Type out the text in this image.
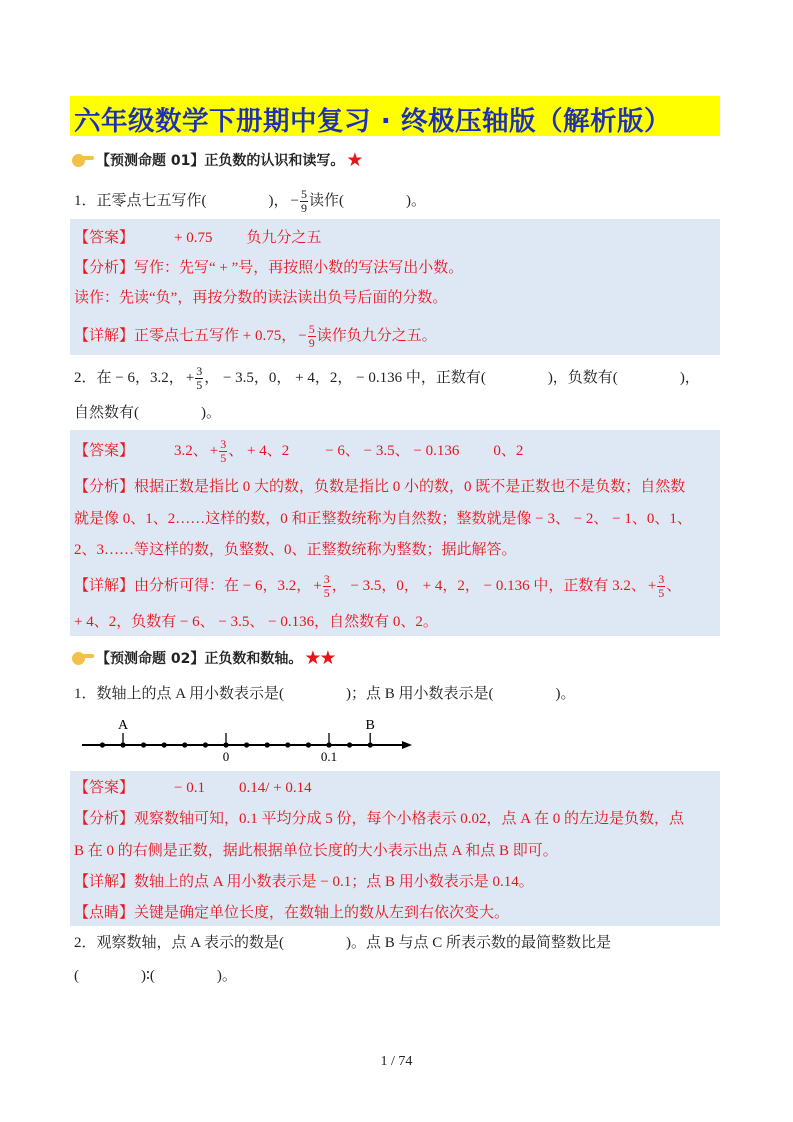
六年级数学下册期中复习 · 终极压轴版（解析版）
【预测命题 01】正负数的认识和读写。 ★
【预测命题 02】正负数和数轴。 ★★
1．正零点七五写作(	)， − $\frac{5}{9}$ 读作(	)。
【答案】	+ 0.75 负九分之五
【分析】写作：先写“ + ”号，再按照小数的写法写出小数。
读作：先读“负”，再按分数的读法读出负号后面的分数。
【详解】正零点七五写作 + 0.75， − $\frac{5}{9}$ 读作负九分之五。
2．在 − 6，3.2， + $\frac{3}{5}$ ， − 3.5，0， + 4，2， − 0.136 中，正数有(	)，负数有(	)，
自然数有(	)。
【答案】	3.2、 + $\frac{3}{5}$ 、 + 4、2 − 6、 − 3.5、 − 0.136 0、2
【分析】根据正数是指比 0 大的数，负数是指比 0 小的数，0 既不是正数也不是负数；自然数
就是像 0、1、2……这样的数，0 和正整数统称为自然数；整数就是像 − 3、 − 2、 − 1、0、1、
2、3……等这样的数，负整数、0、正整数统称为整数；据此解答。
【详解】由分析可得：在 − 6，3.2， + $\frac{3}{5}$ ， − 3.5，0， + 4，2， − 0.136 中，正数有 3.2、 + $\frac{3}{5}$ 、
+ 4、2，负数有 − 6、 − 3.5、 − 0.136，自然数有 0、2。
1．数轴上的点 A 用小数表示是(	)；点 B 用小数表示是(	)。
【答案】	− 0.1 0.14/ + 0.14
【分析】观察数轴可知，0.1 平均分成 5 份，每个小格表示 0.02，点 A 在 0 的左边是负数，点
B 在 0 的右侧是正数，据此根据单位长度的大小表示出点 A 和点 B 即可。
【详解】数轴上的点 A 用小数表示是 − 0.1；点 B 用小数表示是 0.14。
【点睛】关键是确定单位长度，在数轴上的数从左到右依次变大。
2．观察数轴，点 A 表示的数是(	)。点 B 与点 C 所表示数的最简整数比是
(	)∶(	)。
A	B
0	0.1
1 / 74
